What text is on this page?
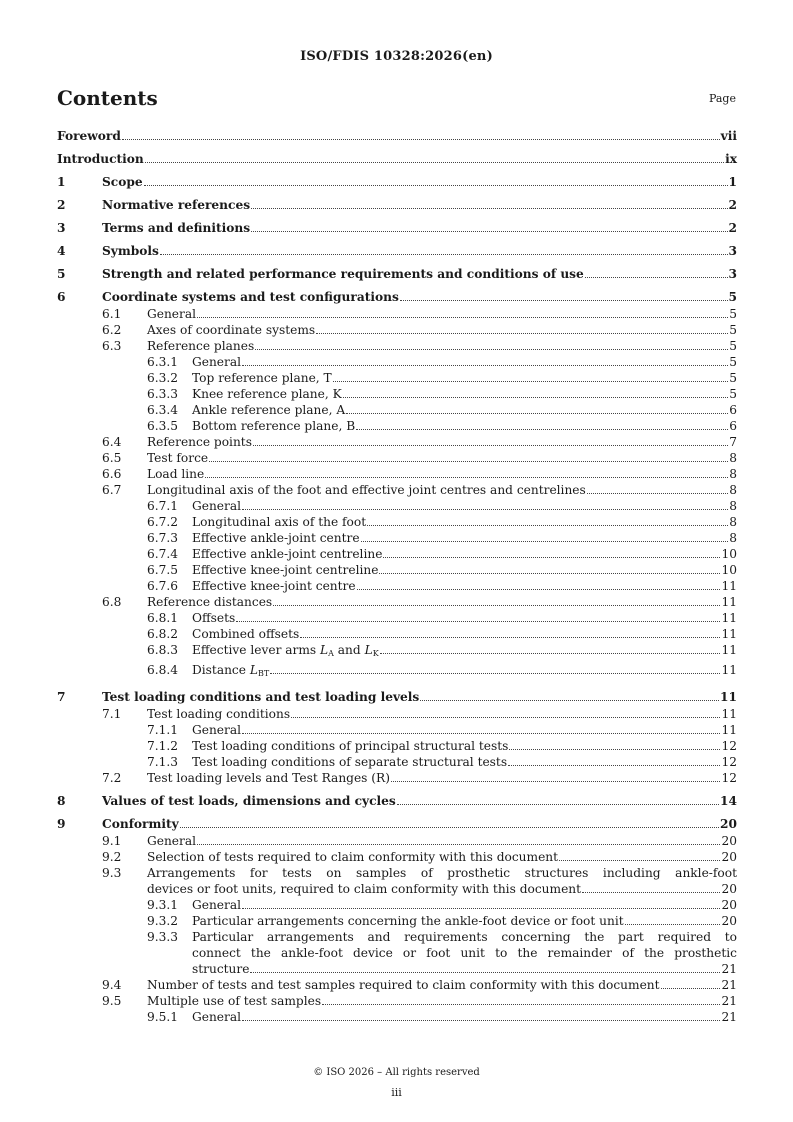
ISO/FDIS 10328:2026(en)
Contents	Page
Foreword	vii
Introduction	ix
1	Scope	1
2	Normative references	2
3	Terms and definitions	2
4	Symbols	3
5	Strength and related performance requirements and conditions of use	3
6	Coordinate systems and test configurations	5
6.1	General	5
6.2	Axes of coordinate systems	5
6.3	Reference planes	5
6.3.1	General	5
6.3.2	Top reference plane, T	5
6.3.3	Knee reference plane, K	5
6.3.4	Ankle reference plane, A	6
6.3.5	Bottom reference plane, B	6
6.4	Reference points	7
6.5	Test force	8
6.6	Load line	8
6.7	Longitudinal axis of the foot and effective joint centres and centrelines	8
6.7.1	General	8
6.7.2	Longitudinal axis of the foot	8
6.7.3	Effective ankle-joint centre	8
6.7.4	Effective ankle-joint centreline	10
6.7.5	Effective knee-joint centreline	10
6.7.6	Effective knee-joint centre	11
6.8	Reference distances	11
6.8.1	Offsets	11
6.8.2	Combined offsets	11
6.8.3	Effective lever arms $L_A$ and $L_K$	11
6.8.4	Distance $L_{BT}$	11
7	Test loading conditions and test loading levels	11
7.1	Test loading conditions	11
7.1.1	General	11
7.1.2	Test loading conditions of principal structural tests	12
7.1.3	Test loading conditions of separate structural tests	12
7.2	Test loading levels and Test Ranges (R)	12
8	Values of test loads, dimensions and cycles	14
9	Conformity	20
9.1	General	20
9.2	Selection of tests required to claim conformity with this document	20
9.3	Arrangements for tests on samples of prosthetic structures including ankle-foot
devices or foot units, required to claim conformity with this document	20
9.3.1	General	20
9.3.2	Particular arrangements concerning the ankle-foot device or foot unit	20
9.3.3	Particular arrangements and requirements concerning the part required to
connect the ankle-foot device or foot unit to the remainder of the prosthetic
structure	21
9.4	Number of tests and test samples required to claim conformity with this document	21
9.5	Multiple use of test samples	21
9.5.1	General	21
© ISO 2026 – All rights reserved
iii
